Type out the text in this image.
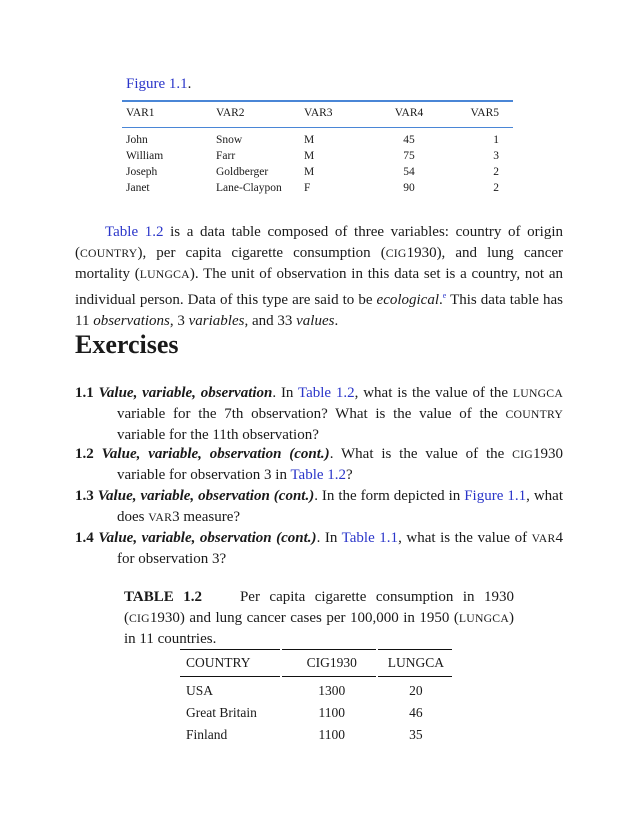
Figure 1.1.
VAR1	VAR2	VAR3	VAR4	VAR5
John	Snow	M	45	1
William	Farr	M	75	3
Joseph	Goldberger	M	54	2
Janet	Lane-Claypon	F	90	2

Table 1.2 is a data table composed of three variables: country of origin (COUNTRY), per capita cigarette consumption (CIG1930), and lung cancer mortality (LUNGCA). The unit of observation in this data set is a country, not an individual person. Data of this type are said to be ecological.$^e$ This data table has 11 observations, 3 variables, and 33 values.

Exercises

1.1 Value, variable, observation. In Table 1.2, what is the value of the LUNGCA variable for the 7th observation? What is the value of the COUNTRY variable for the 11th observation?

1.2 Value, variable, observation (cont.). What is the value of the CIG1930 variable for observation 3 in Table 1.2?

1.3 Value, variable, observation (cont.). In the form depicted in Figure 1.1, what does VAR3 measure?

1.4 Value, variable, observation (cont.). In Table 1.1, what is the value of VAR4 for observation 3?

TABLE 1.2	Per capita cigarette consumption in 1930 (CIG1930) and lung cancer cases per 100,000 in 1950 (LUNGCA) in 11 countries.

COUNTRY	CIG1930	LUNGCA
USA	1300	20
Great Britain	1100	46
Finland	1100	35
